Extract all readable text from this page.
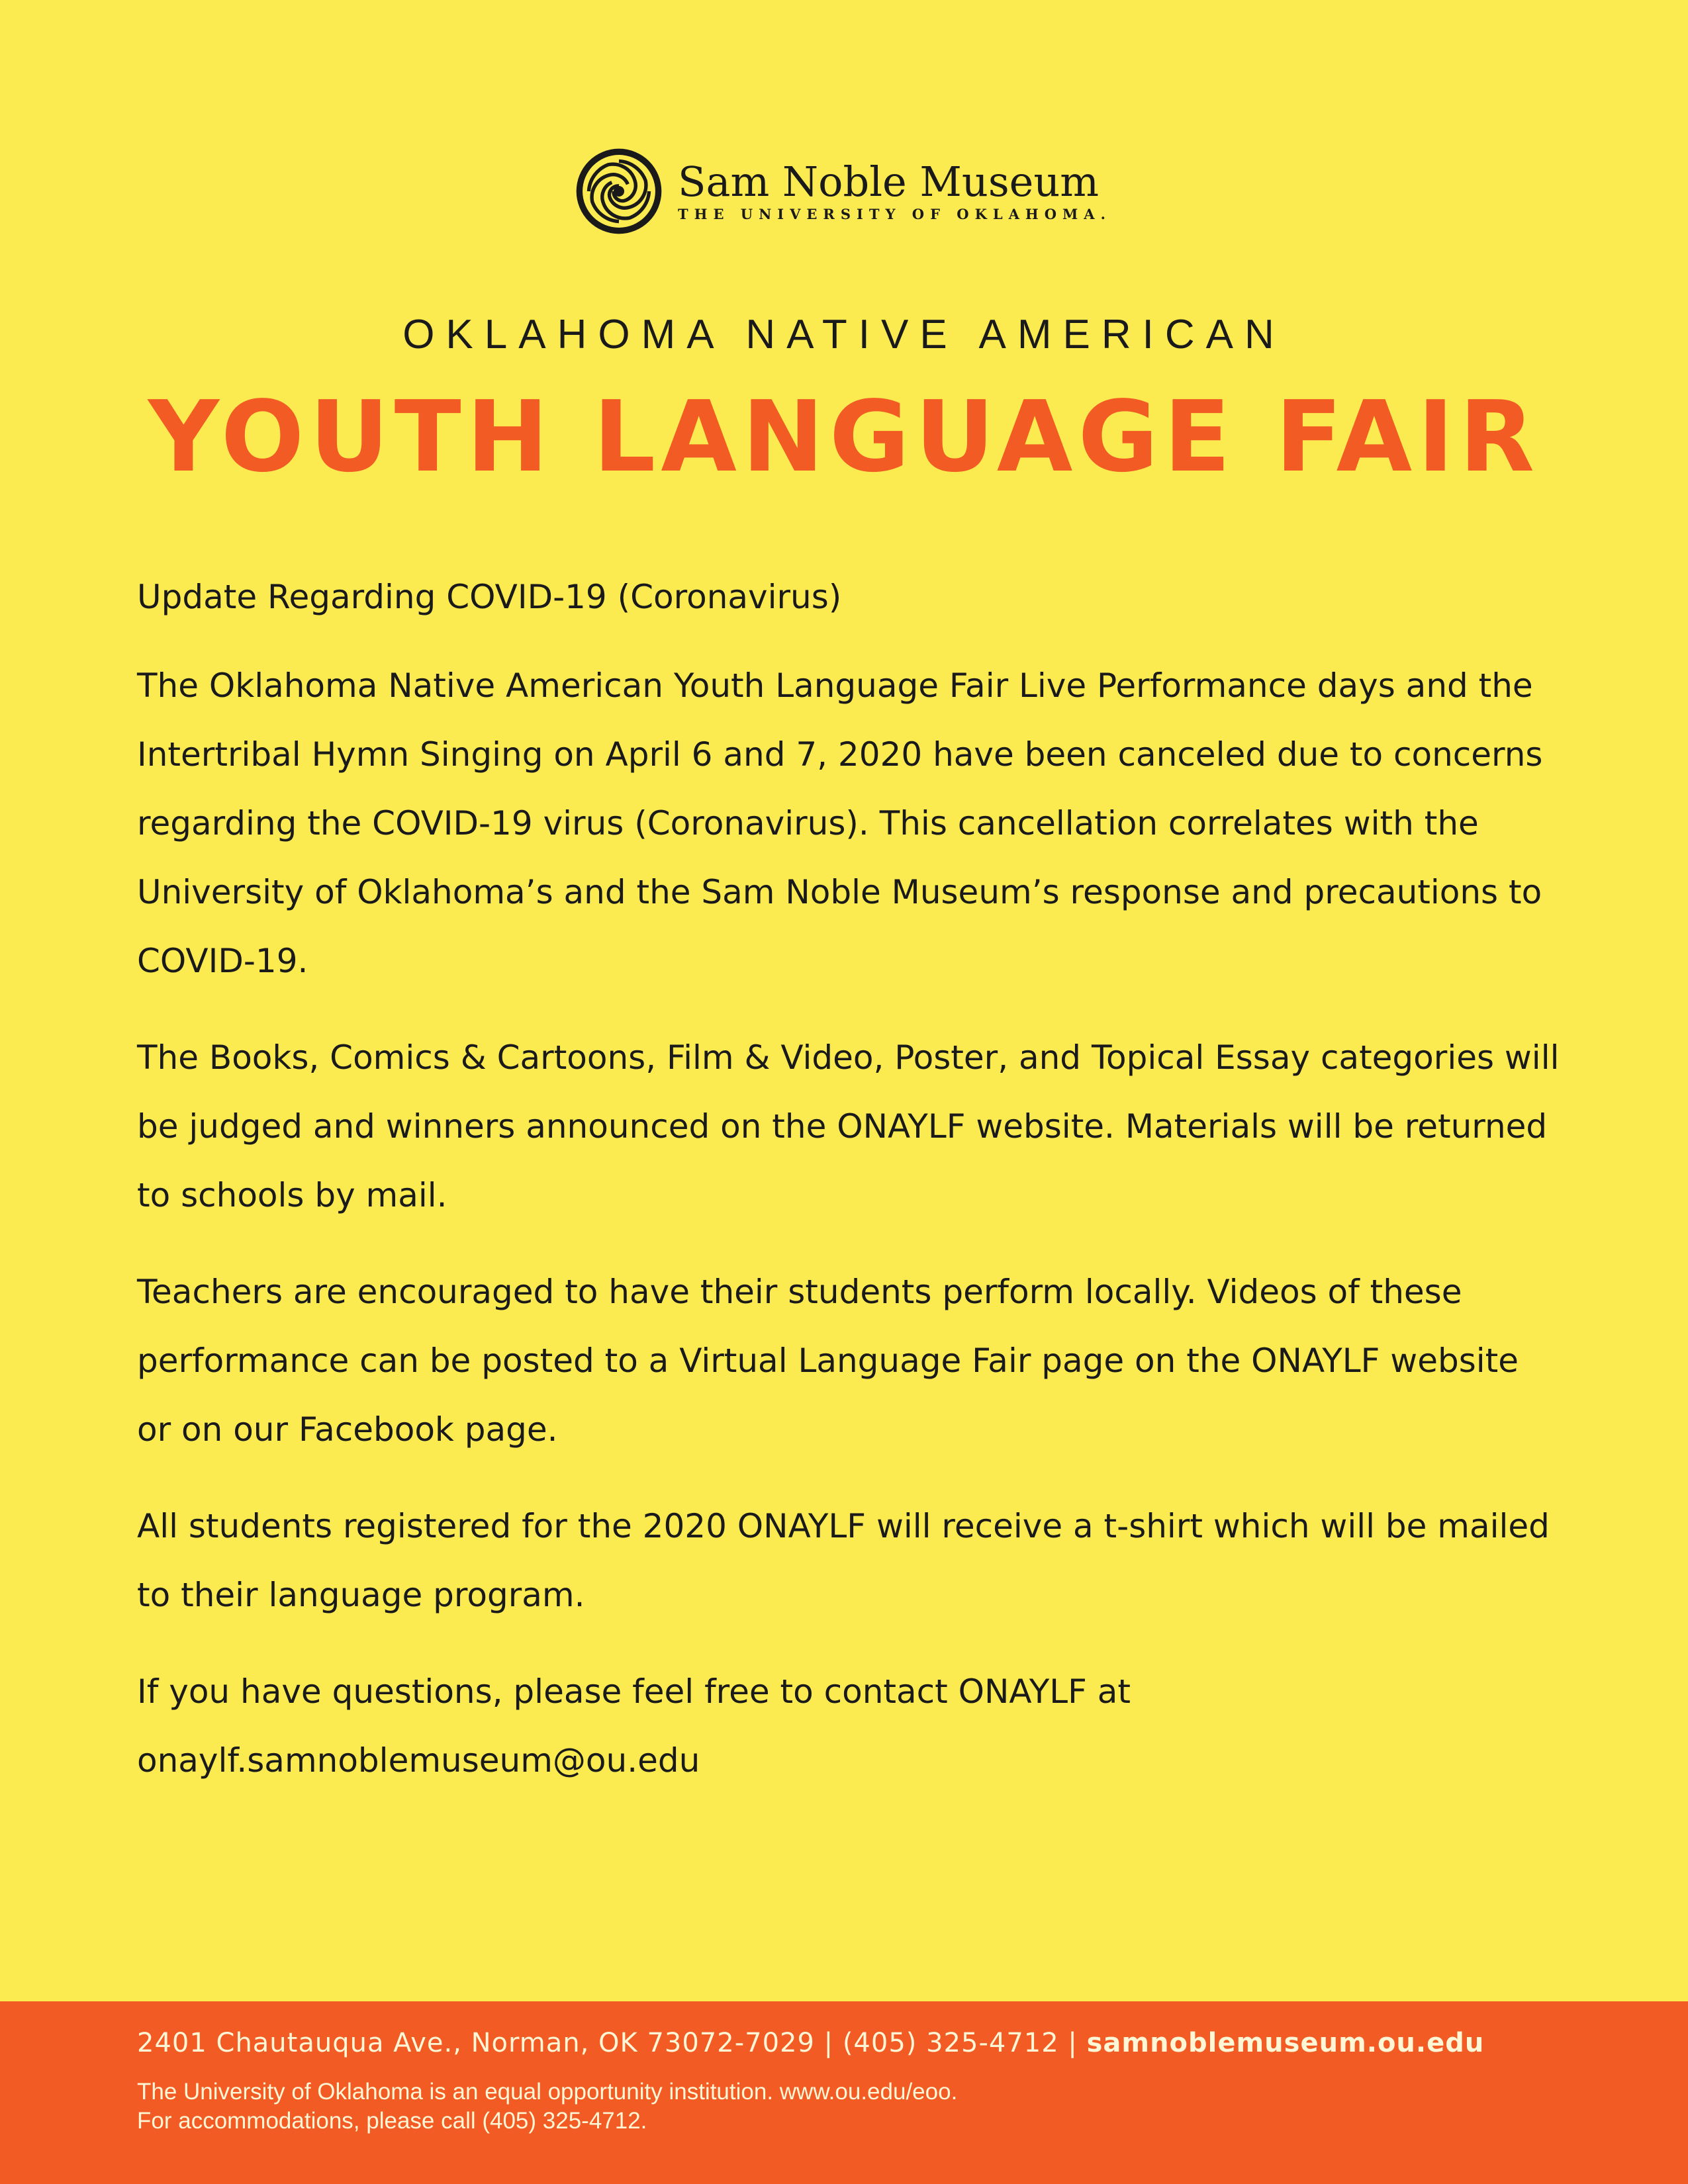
Sam Noble Museum
THE UNIVERSITY OF OKLAHOMA.
OKLAHOMA NATIVE AMERICAN
YOUTH LANGUAGE FAIR

Update Regarding COVID-19 (Coronavirus)

The Oklahoma Native American Youth Language Fair Live Performance days and the Intertribal Hymn Singing on April 6 and 7, 2020 have been canceled due to concerns regarding the COVID-19 virus (Coronavirus). This cancellation correlates with the University of Oklahoma’s and the Sam Noble Museum’s response and precautions to COVID-19.

The Books, Comics & Cartoons, Film & Video, Poster, and Topical Essay categories will be judged and winners announced on the ONAYLF website. Materials will be returned to schools by mail.

Teachers are encouraged to have their students perform locally. Videos of these performance can be posted to a Virtual Language Fair page on the ONAYLF website or on our Facebook page.

All students registered for the 2020 ONAYLF will receive a t-shirt which will be mailed to their language program.

If you have questions, please feel free to contact ONAYLF at onaylf.samnoblemuseum@ou.edu

2401 Chautauqua Ave., Norman, OK 73072-7029 | (405) 325-4712 | samnoblemuseum.ou.edu
The University of Oklahoma is an equal opportunity institution. www.ou.edu/eoo.
For accommodations, please call (405) 325-4712.
